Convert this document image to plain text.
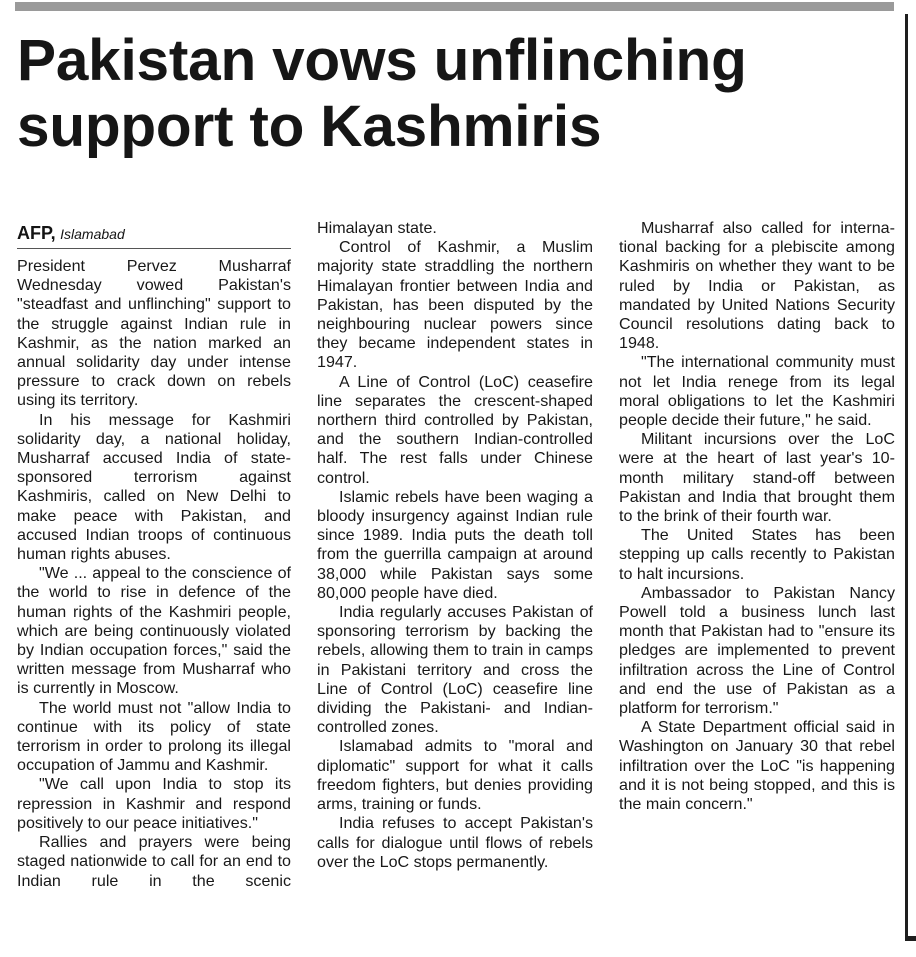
Pakistan vows unflinching support to Kashmiris
AFP, Islamabad

President Pervez Musharraf Wednesday vowed Pakistan's "steadfast and unflinching" support to the struggle against Indian rule in Kashmir, as the nation marked an annual solidarity day under intense pressure to crack down on rebels using its territory.

In his message for Kashmiri solidarity day, a national holiday, Musharraf accused India of state-sponsored terrorism against Kashmiris, called on New Delhi to make peace with Pakistan, and accused Indian troops of continuous human rights abuses.

"We ... appeal to the conscience of the world to rise in defence of the human rights of the Kashmiri people, which are being continuously violated by Indian occupation forces," said the written message from Musharraf who is currently in Moscow.

The world must not "allow India to continue with its policy of state terrorism in order to prolong its illegal occupation of Jammu and Kashmir.

"We call upon India to stop its repression in Kashmir and respond positively to our peace initiatives."

Rallies and prayers were being staged nationwide to call for an end to Indian rule in the scenic

Himalayan state.

Control of Kashmir, a Muslim majority state straddling the northern Himalayan frontier between India and Pakistan, has been disputed by the neighbouring nuclear powers since they became independent states in 1947.

A Line of Control (LoC) ceasefire line separates the crescent-shaped northern third controlled by Pakistan, and the southern Indian-controlled half. The rest falls under Chinese control.

Islamic rebels have been waging a bloody insurgency against Indian rule since 1989. India puts the death toll from the guerrilla campaign at around 38,000 while Pakistan says some 80,000 people have died.

India regularly accuses Pakistan of sponsoring terrorism by backing the rebels, allowing them to train in camps in Pakistani territory and cross the Line of Control (LoC) ceasefire line dividing the Pakistani- and Indian-controlled zones.

Islamabad admits to "moral and diplomatic" support for what it calls freedom fighters, but denies providing arms, training or funds.

India refuses to accept Pakistan's calls for dialogue until flows of rebels over the LoC stops permanently.

Musharraf also called for international backing for a plebiscite among Kashmiris on whether they want to be ruled by India or Pakistan, as mandated by United Nations Security Council resolutions dating back to 1948.

"The international community must not let India renege from its legal moral obligations to let the Kashmiri people decide their future," he said.

Militant incursions over the LoC were at the heart of last year's 10-month military stand-off between Pakistan and India that brought them to the brink of their fourth war.

The United States has been stepping up calls recently to Pakistan to halt incursions.

Ambassador to Pakistan Nancy Powell told a business lunch last month that Pakistan had to "ensure its pledges are implemented to prevent infiltration across the Line of Control and end the use of Pakistan as a platform for terrorism."

A State Department official said in Washington on January 30 that rebel infiltration over the LoC "is happening and it is not being stopped, and this is the main concern."
